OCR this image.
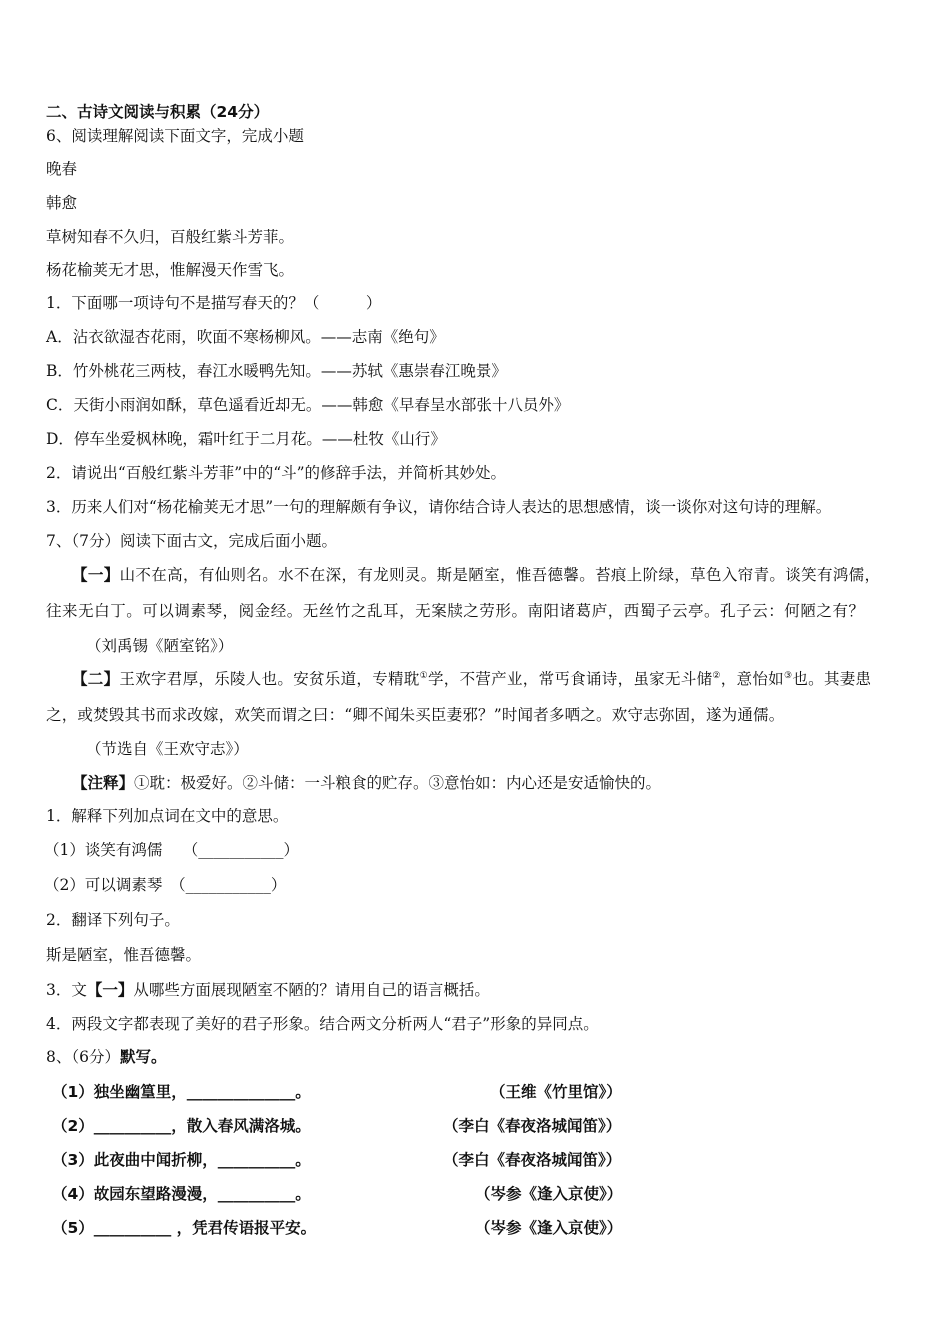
二、古诗文阅读与积累（24分）
6、阅读理解阅读下面文字，完成小题
晚春
韩愈
草树知春不久归，百般红紫斗芳菲。
杨花榆荚无才思，惟解漫天作雪飞。
1．下面哪一项诗句不是描写春天的？（　　　）
A．沾衣欲湿杏花雨，吹面不寒杨柳风。——志南《绝句》
B．竹外桃花三两枝，春江水暖鸭先知。——苏轼《惠崇春江晚景》
C．天街小雨润如酥，草色遥看近却无。——韩愈《早春呈水部张十八员外》
D．停车坐爱枫林晚，霜叶红于二月花。——杜牧《山行》
2．请说出“百般红紫斗芳菲”中的“斗”的修辞手法，并简析其妙处。
3．历来人们对“杨花榆荚无才思”一句的理解颇有争议，请你结合诗人表达的思想感情，谈一谈你对这句诗的理解。
7、（7分）阅读下面古文，完成后面小题。
【一】山不在高，有仙则名。水不在深，有龙则灵。斯是陋室，惟吾德馨。苔痕上阶绿，草色入帘青。谈笑有鸿儒，
往来无白丁。可以调素琴，阅金经。无丝竹之乱耳，无案牍之劳形。南阳诸葛庐，西蜀子云亭。孔子云：何陋之有？
（刘禹锡《陋室铭》）
【二】王欢字君厚，乐陵人也。安贫乐道，专精耽①学，不营产业，常丐食诵诗，虽家无斗储②，意怡如③也。其妻患
之，或焚毁其书而求改嫁，欢笑而谓之曰：“卿不闻朱买臣妻邪？”时闻者多哂之。欢守志弥固，遂为通儒。
（节选自《王欢守志》）
【注释】①耽：极爱好。②斗储：一斗粮食的贮存。③意怡如：内心还是安适愉快的。
1．解释下列加点词在文中的意思。
（1）谈笑有鸿儒　 （___________）
（2）可以调素琴　（___________）
2．翻译下列句子。
斯是陋室，惟吾德馨。
3．文【一】从哪些方面展现陋室不陋的？请用自己的语言概括。
4．两段文字都表现了美好的君子形象。结合两文分析两人“君子”形象的异同点。
8、（6分）默写。
（1）独坐幽篁里，______________。	（王维《竹里馆》）
（2）__________，散入春风满洛城。	（李白《春夜洛城闻笛》）
（3）此夜曲中闻折柳，__________。	（李白《春夜洛城闻笛》）
（4）故园东望路漫漫，__________。	（岑参《逢入京使》）
（5）__________ ，凭君传语报平安。	（岑参《逢入京使》）
